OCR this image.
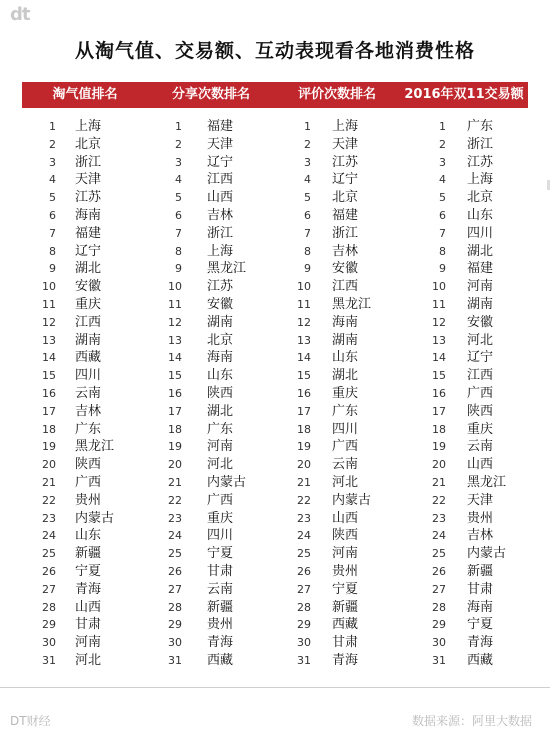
dt
从淘气值、交易额、互动表现看各地消费性格
淘气值排名	分享次数排名	评价次数排名	2016年双11交易额排名
1 上海	1 福建	1 上海	1 广东
2 北京	2 天津	2 天津	2 浙江
3 浙江	3 辽宁	3 江苏	3 江苏
4 天津	4 江西	4 辽宁	4 上海
5 江苏	5 山西	5 北京	5 北京
6 海南	6 吉林	6 福建	6 山东
7 福建	7 浙江	7 浙江	7 四川
8 辽宁	8 上海	8 吉林	8 湖北
9 湖北	9 黑龙江	9 安徽	9 福建
10 安徽	10 江苏	10 江西	10 河南
11 重庆	11 安徽	11 黑龙江	11 湖南
12 江西	12 湖南	12 海南	12 安徽
13 湖南	13 北京	13 湖南	13 河北
14 西藏	14 海南	14 山东	14 辽宁
15 四川	15 山东	15 湖北	15 江西
16 云南	16 陕西	16 重庆	16 广西
17 吉林	17 湖北	17 广东	17 陕西
18 广东	18 广东	18 四川	18 重庆
19 黑龙江	19 河南	19 广西	19 云南
20 陕西	20 河北	20 云南	20 山西
21 广西	21 内蒙古	21 河北	21 黑龙江
22 贵州	22 广西	22 内蒙古	22 天津
23 内蒙古	23 重庆	23 山西	23 贵州
24 山东	24 四川	24 陕西	24 吉林
25 新疆	25 宁夏	25 河南	25 内蒙古
26 宁夏	26 甘肃	26 贵州	26 新疆
27 青海	27 云南	27 宁夏	27 甘肃
28 山西	28 新疆	28 新疆	28 海南
29 甘肃	29 贵州	29 西藏	29 宁夏
30 河南	30 青海	30 甘肃	30 青海
31 河北	31 西藏	31 青海	31 西藏
DT财经	数据来源：阿里大数据
